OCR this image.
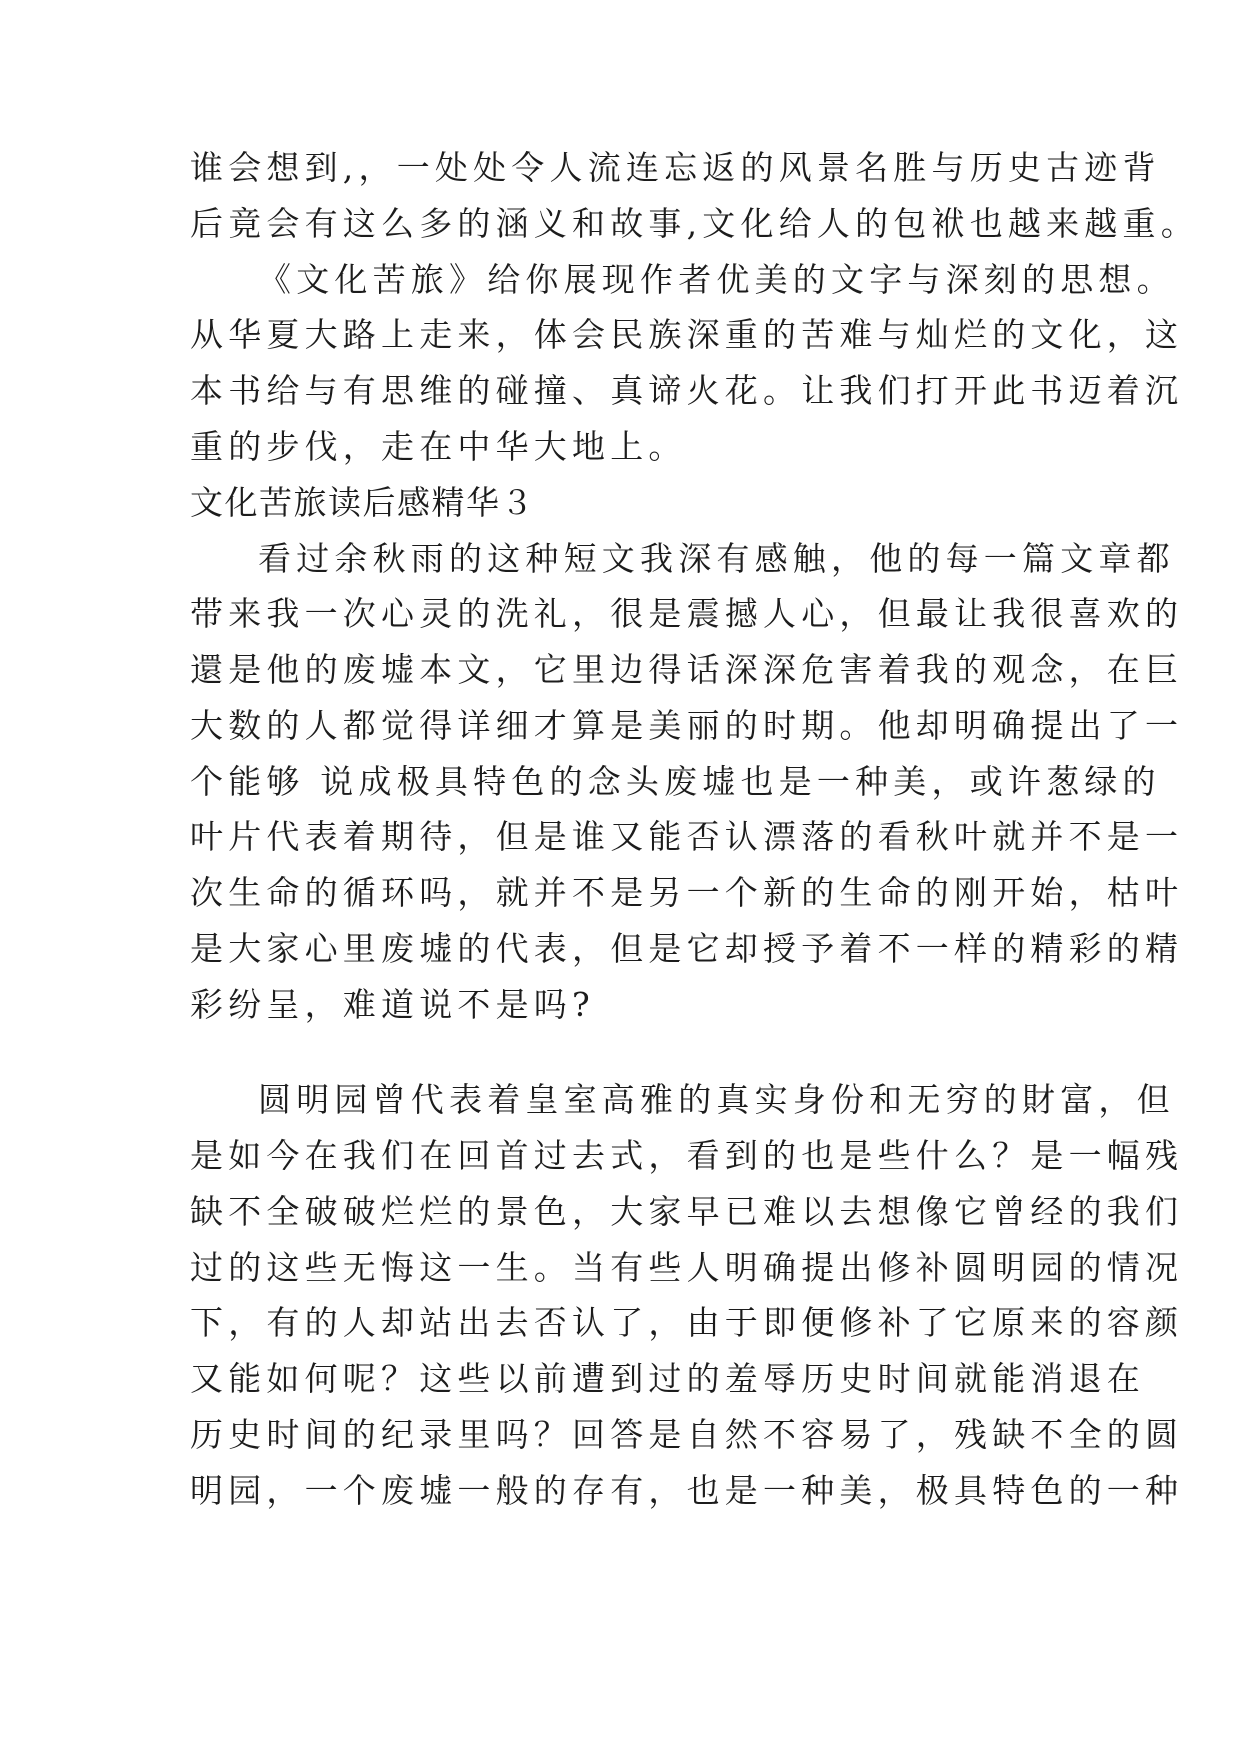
谁会想到,，一处处令人流连忘返的风景名胜与历史古迹背
后竟会有这么多的涵义和故事,文化给人的包袱也越来越重。
《文化苦旅》给你展现作者优美的文字与深刻的思想。
从华夏大路上走来，体会民族深重的苦难与灿烂的文化，这
本书给与有思维的碰撞、真谛火花。让我们打开此书迈着沉
重的步伐，走在中华大地上。
文化苦旅读后感精华３
看过余秋雨的这种短文我深有感触，他的每一篇文章都
带来我一次心灵的洗礼，很是震撼人心，但最让我很喜欢的
還是他的废墟本文，它里边得话深深危害着我的观念，在巨
大数的人都觉得详细才算是美丽的时期。他却明确提出了一
个能够 说成极具特色的念头废墟也是一种美，或许葱绿的
叶片代表着期待，但是谁又能否认漂落的看秋叶就并不是一
次生命的循环吗，就并不是另一个新的生命的刚开始，枯叶
是大家心里废墟的代表，但是它却授予着不一样的精彩的精
彩纷呈，难道说不是吗?
圆明园曾代表着皇室高雅的真实身份和无穷的財富，但
是如今在我们在回首过去式，看到的也是些什么？是一幅残
缺不全破破烂烂的景色，大家早已难以去想像它曾经的我们
过的这些无悔这一生。当有些人明确提出修补圆明园的情况
下，有的人却站出去否认了，由于即便修补了它原来的容颜
又能如何呢？这些以前遭到过的羞辱历史时间就能消退在
历史时间的纪录里吗？回答是自然不容易了，残缺不全的圆
明园，一个废墟一般的存有，也是一种美，极具特色的一种
